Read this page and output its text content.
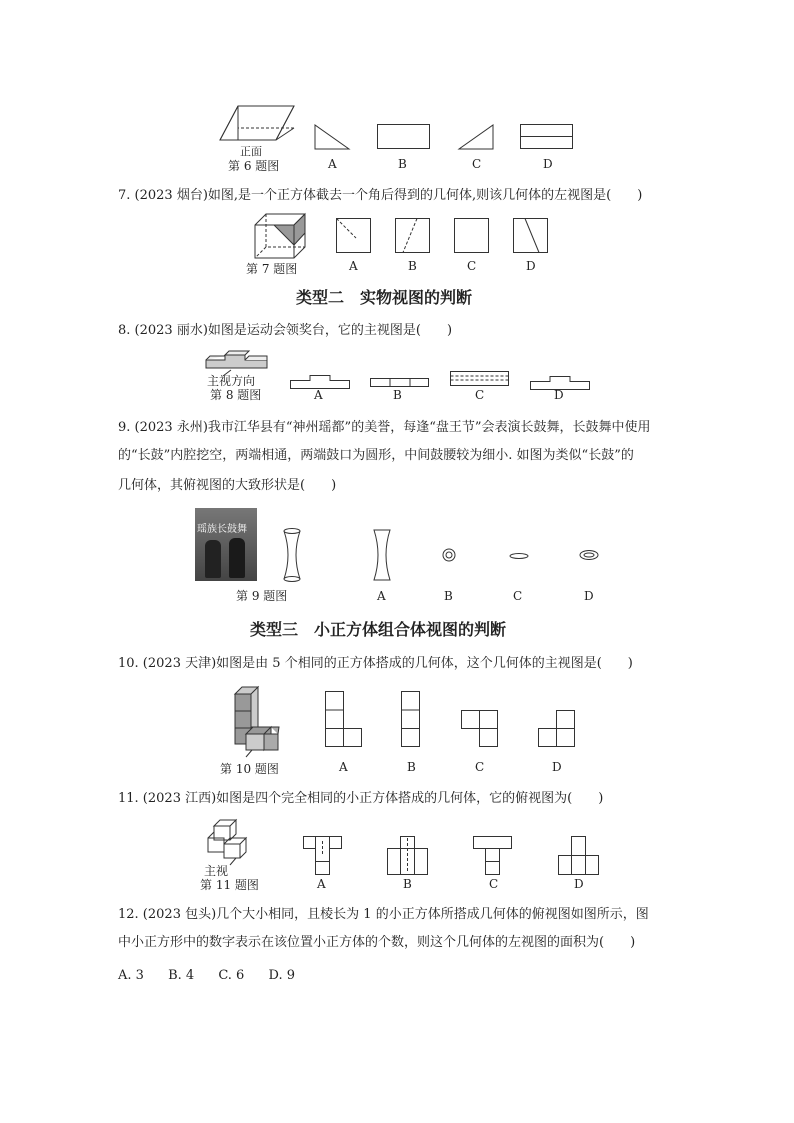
正面
第 6 题图	A	B	C	D
7. (2023 烟台)如图,是一个正方体截去一个角后得到的几何体,则该几何体的左视图是(　　)
第 7 题图	A	B	C	D
类型二　实物视图的判断
8. (2023 丽水)如图是运动会领奖台，它的主视图是(　　)
主视方向
第 8 题图	A	B	C	D
9. (2023 永州)我市江华县有“神州瑶都”的美誉，每逢“盘王节”会表演长鼓舞，长鼓舞中使用
的“长鼓”内腔挖空，两端相通，两端鼓口为圆形，中间鼓腰较为细小. 如图为类似“长鼓”的
几何体，其俯视图的大致形状是(　　)
瑶族长鼓舞
第 9 题图	A	B	C	D
类型三　小正方体组合体视图的判断
10. (2023 天津)如图是由 5 个相同的正方体搭成的几何体，这个几何体的主视图是(　　)
第 10 题图	A	B	C	D
11. (2023 江西)如图是四个完全相同的小正方体搭成的几何体，它的俯视图为(　　)
主视
第 11 题图	A	B	C	D
12. (2023 包头)几个大小相同，且棱长为 1 的小正方体所搭成几何体的俯视图如图所示，图
中小正方形中的数字表示在该位置小正方体的个数，则这个几何体的左视图的面积为(　　)
A. 3 B. 4 C. 6 D. 9
